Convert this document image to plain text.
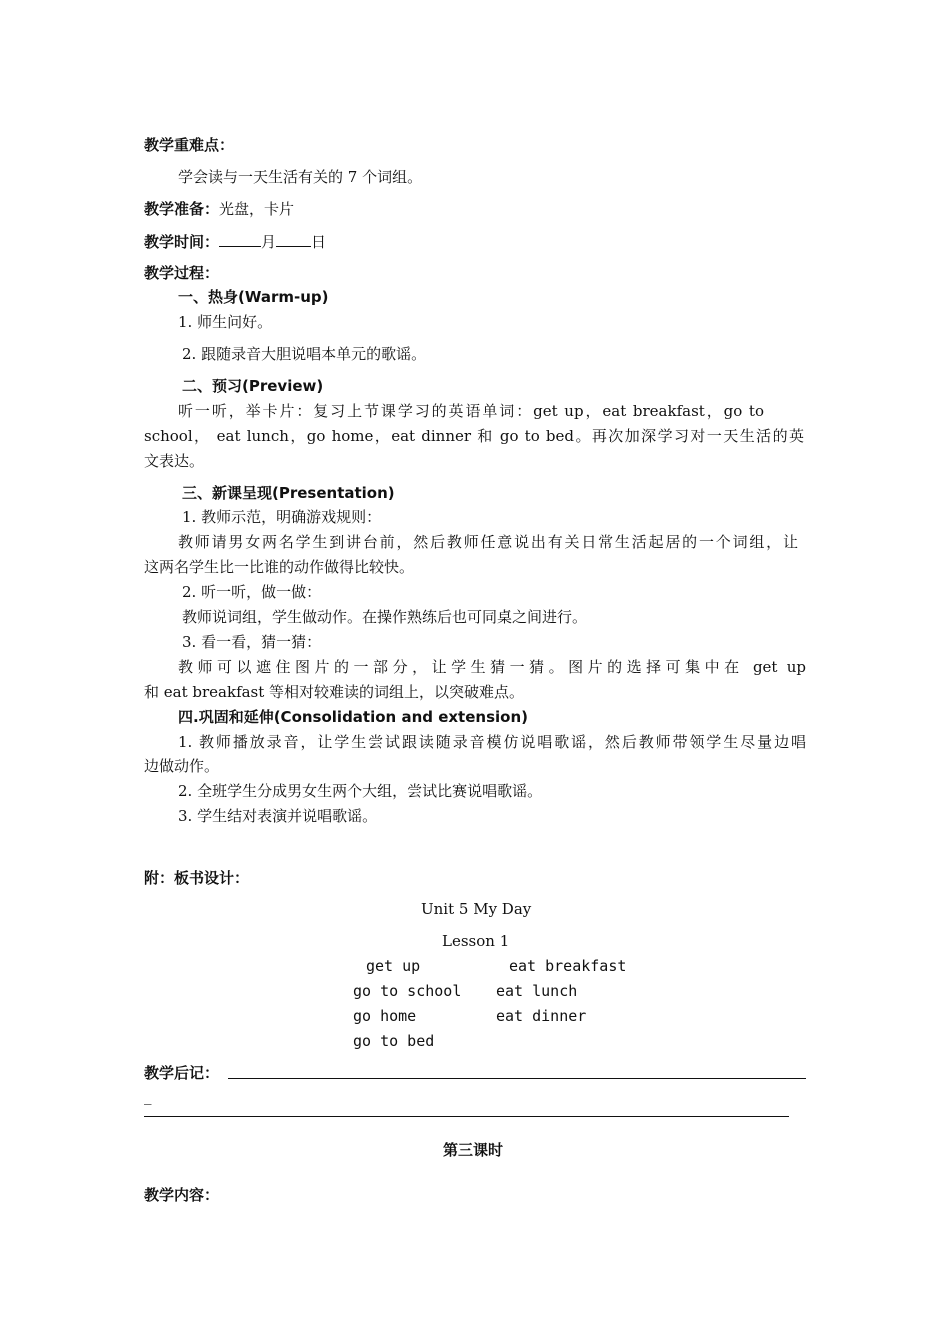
教学重难点：
学会读与一天生活有关的 7 个词组。
教学准备：光盘，卡片
教学时间：	月 日
教学过程：
一、热身(Warm-up)
1. 师生问好。
2. 跟随录音大胆说唱本单元的歌谣。
二、预习(Preview)
听一听，举卡片：复习上节课学习的英语单词：get up，eat breakfast，go to
school， eat lunch，go home，eat dinner 和 go to bed。再次加深学习对一天生活的英
文表达。
三、新课呈现(Presentation)
1. 教师示范，明确游戏规则：
教师请男女两名学生到讲台前，然后教师任意说出有关日常生活起居的一个词组，让
这两名学生比一比谁的动作做得比较快。
2. 听一听，做一做：
教师说词组，学生做动作。在操作熟练后也可同桌之间进行。
3. 看一看，猜一猜：
教师可以遮住图片的一部分，让学生猜一猜。图片的选择可集中在 get up
和 eat breakfast 等相对较难读的词组上，以突破难点。
四.巩固和延伸(Consolidation and extension)
1. 教师播放录音，让学生尝试跟读随录音模仿说唱歌谣，然后教师带领学生尽量边唱
边做动作。
2. 全班学生分成男女生两个大组，尝试比赛说唱歌谣。
3. 学生结对表演并说唱歌谣。
附：板书设计：
Unit 5 My Day
Lesson 1
get up	eat breakfast
go to school eat lunch
go home	eat dinner
go to bed
教学后记：
_
第三课时
教学内容：
